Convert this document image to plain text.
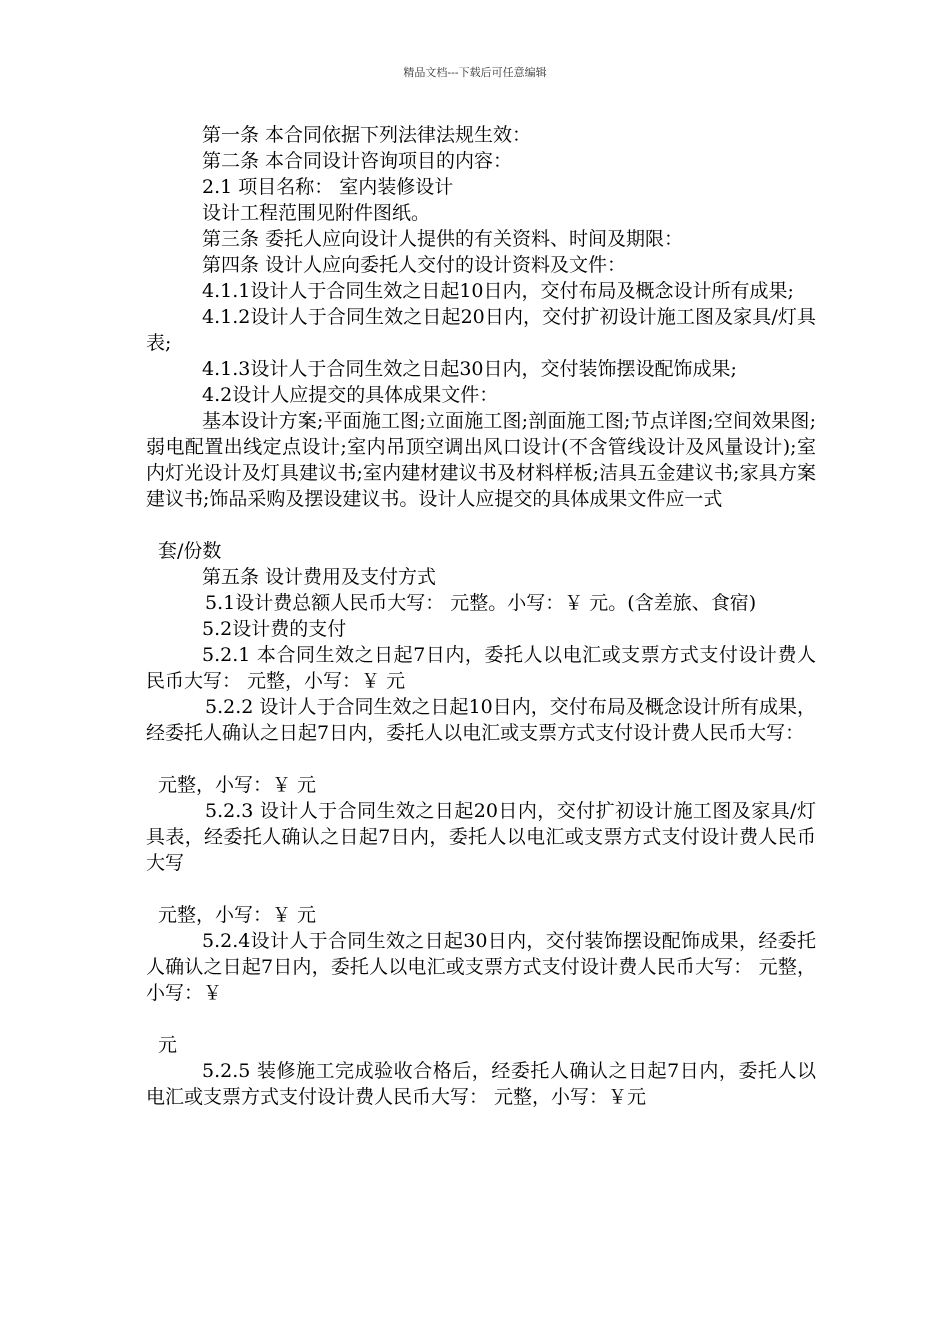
精品文档---下载后可任意编辑

第一条 本合同依据下列法律法规生效：

第二条 本合同设计咨询项目的内容：

2.1 项目名称： 室内装修设计

设计工程范围见附件图纸。

第三条 委托人应向设计人提供的有关资料、时间及期限：

第四条 设计人应向委托人交付的设计资料及文件：

4.1.1设计人于合同生效之日起10日内，交付布局及概念设计所有成果;

4.1.2设计人于合同生效之日起20日内，交付扩初设计施工图及家具/灯具表;

4.1.3设计人于合同生效之日起30日内，交付装饰摆设配饰成果;

4.2设计人应提交的具体成果文件：

基本设计方案;平面施工图;立面施工图;剖面施工图;节点详图;空间效果图;弱电配置出线定点设计;室内吊顶空调出风口设计(不含管线设计及风量设计);室内灯光设计及灯具建议书;室内建材建议书及材料样板;洁具五金建议书;家具方案建议书;饰品采购及摆设建议书。设计人应提交的具体成果文件应一式

套/份数

第五条 设计费用及支付方式

5.1设计费总额人民币大写： 元整。小写：￥ 元。(含差旅、食宿)

5.2设计费的支付

5.2.1 本合同生效之日起7日内，委托人以电汇或支票方式支付设计费人民币大写： 元整，小写：￥ 元

5.2.2 设计人于合同生效之日起10日内，交付布局及概念设计所有成果，经委托人确认之日起7日内，委托人以电汇或支票方式支付设计费人民币大写：

元整，小写：￥ 元

5.2.3 设计人于合同生效之日起20日内，交付扩初设计施工图及家具/灯具表，经委托人确认之日起7日内，委托人以电汇或支票方式支付设计费人民币大写

元整，小写：￥ 元

5.2.4设计人于合同生效之日起30日内，交付装饰摆设配饰成果，经委托人确认之日起7日内，委托人以电汇或支票方式支付设计费人民币大写： 元整，小写：￥

元

5.2.5 装修施工完成验收合格后，经委托人确认之日起7日内，委托人以电汇或支票方式支付设计费人民币大写： 元整，小写：￥元
